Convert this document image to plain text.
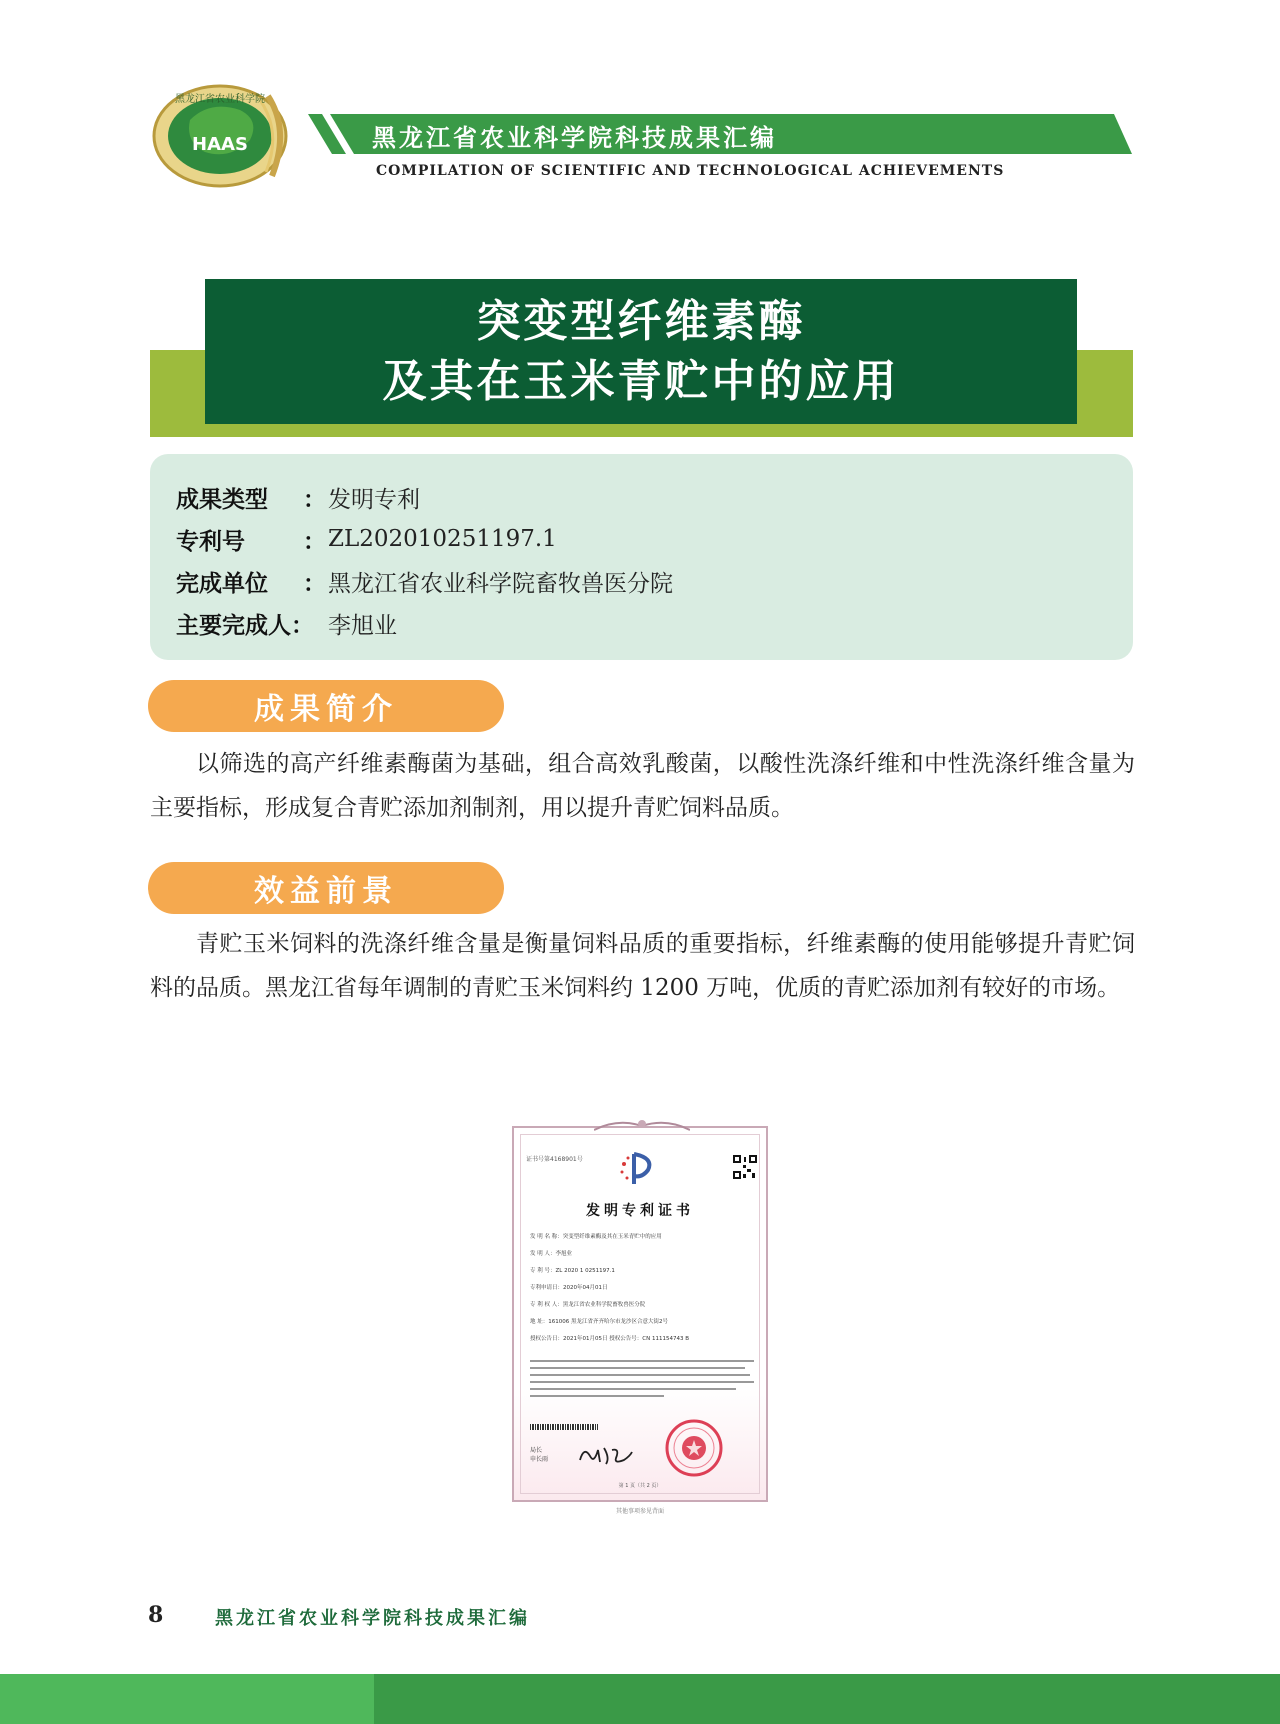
HAAS
黑龙江省农业科学院
黑龙江省农业科学院科技成果汇编
COMPILATION OF SCIENTIFIC AND TECHNOLOGICAL ACHIEVEMENTS
突变型纤维素酶
及其在玉米青贮中的应用
成果类型 ： 发明专利
专利号	： ZL202010251197.1
完成单位 ： 黑龙江省农业科学院畜牧兽医分院
主要完成人 ： 李旭业
成果简介
以筛选的高产纤维素酶菌为基础，组合高效乳酸菌，以酸性洗涤纤维和中性洗涤纤维含量为主要指标，形成复合青贮添加剂制剂，用以提升青贮饲料品质。
效益前景
青贮玉米饲料的洗涤纤维含量是衡量饲料品质的重要指标，纤维素酶的使用能够提升青贮饲料的品质。黑龙江省每年调制的青贮玉米饲料约 1200 万吨，优质的青贮添加剂有较好的市场。
证书号第4168901号
发明专利证书
发 明 名 称：突变型纤维素酶及其在玉米青贮中的应用
发 明 人：李旭业
专 利 号：ZL 2020 1 0251197.1
专利申请日：2020年04月01日
专 利 权 人：黑龙江省农业科学院畜牧兽医分院
地 址：161006 黑龙江省齐齐哈尔市龙沙区合意大街2号
授权公告日：2021年01月05日 授权公告号：CN 111154743 B
局长
申长雨
第 1 页（共 2 页）
其他事项参见背面
8	黑龙江省农业科学院科技成果汇编
